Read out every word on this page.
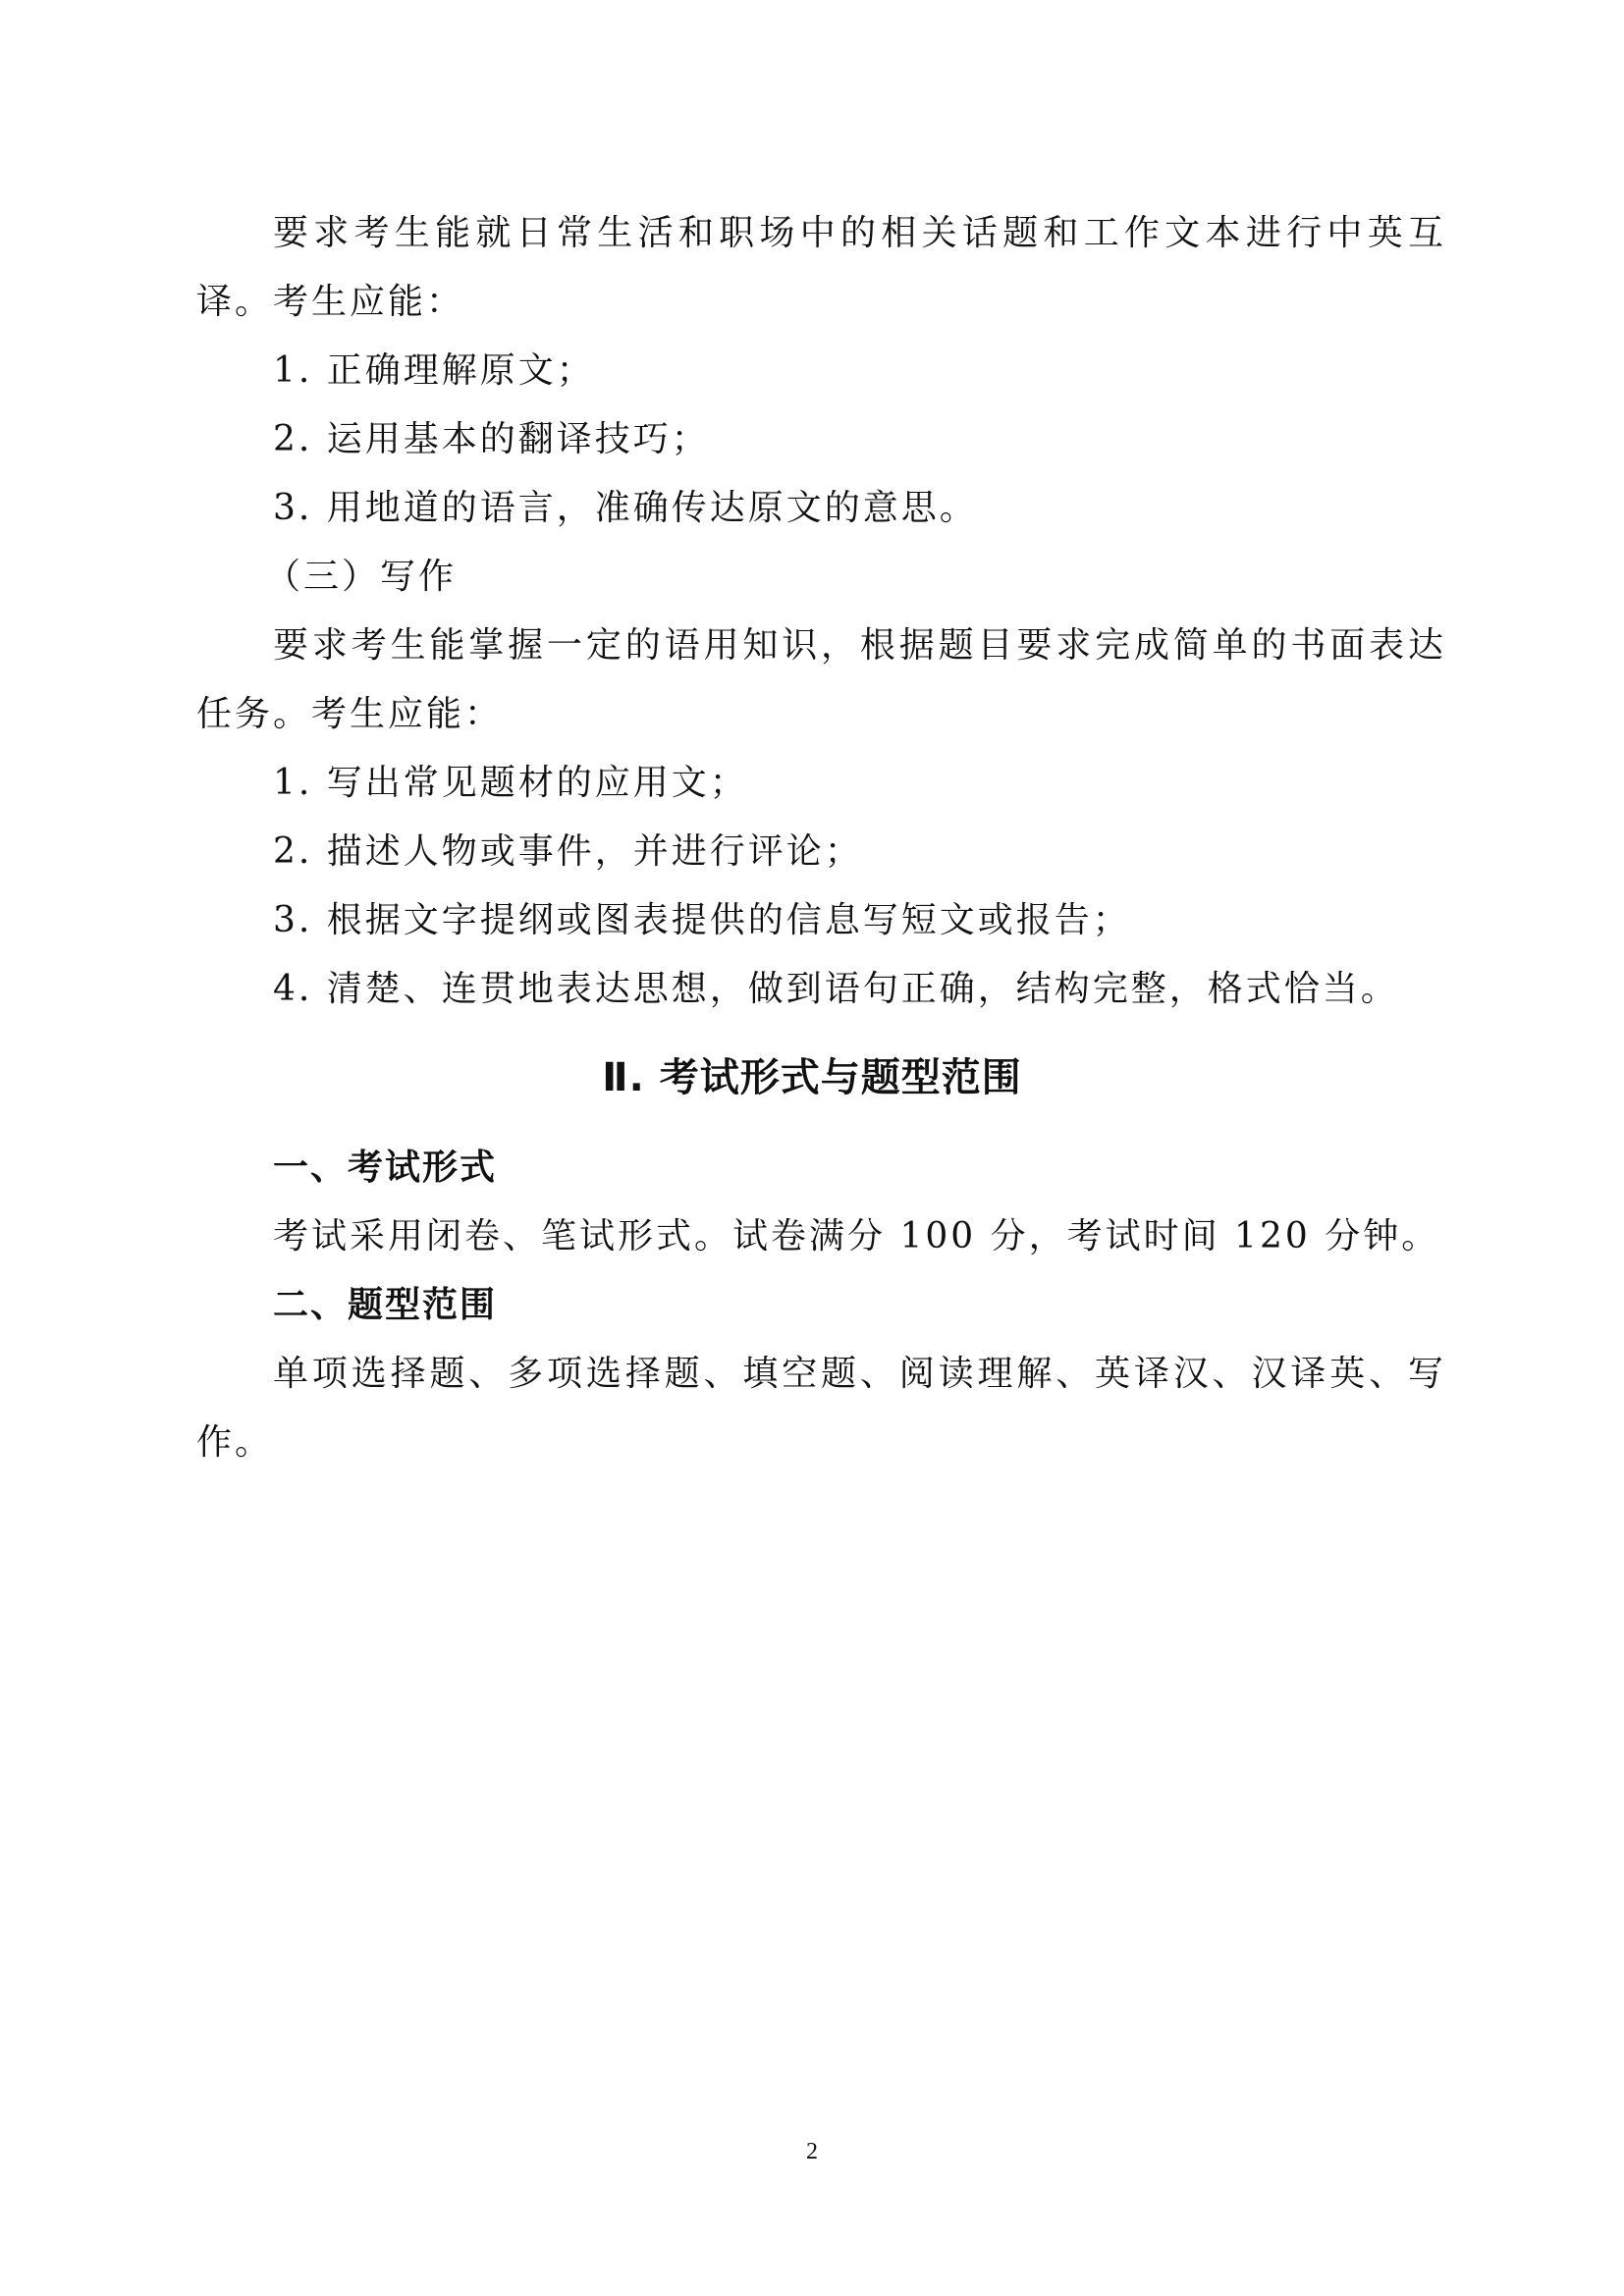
要求考生能就日常生活和职场中的相关话题和工作文本进行中英互
译。考生应能：
1. 正确理解原文；
2. 运用基本的翻译技巧；
3. 用地道的语言，准确传达原文的意思。
（三）写作
要求考生能掌握一定的语用知识，根据题目要求完成简单的书面表达
任务。考生应能：
1. 写出常见题材的应用文；
2. 描述人物或事件，并进行评论；
3. 根据文字提纲或图表提供的信息写短文或报告；
4. 清楚、连贯地表达思想，做到语句正确，结构完整，格式恰当。
Ⅱ. 考试形式与题型范围
一、考试形式
考试采用闭卷、笔试形式。试卷满分 100 分，考试时间 120 分钟。
二、题型范围
单项选择题、多项选择题、填空题、阅读理解、英译汉、汉译英、写
作。
2
